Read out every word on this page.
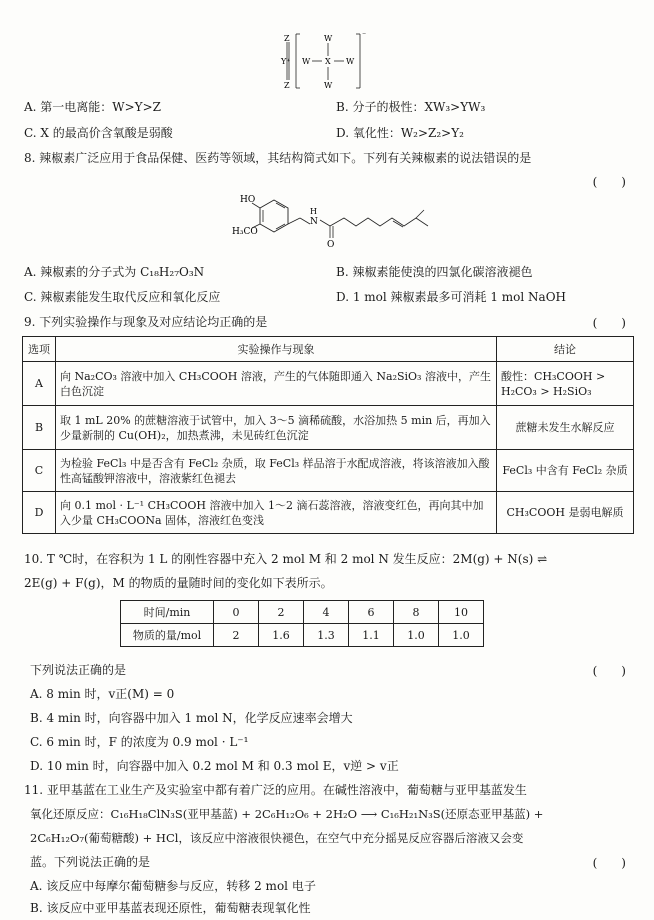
Z
Y⁺
Z
W
W X W
W
⁻
A. 第一电离能：W>Y>Z	B. 分子的极性：XW₃>YW₃
C. X 的最高价含氧酸是弱酸	D. 氧化性：W₂>Z₂>Y₂
8. 辣椒素广泛应用于食品保健、医药等领域，其结构简式如下。下列有关辣椒素的说法错误的是
(　　)
HO
H₃CO
N
H
O
A. 辣椒素的分子式为 C₁₈H₂₇O₃N	B. 辣椒素能使溴的四氯化碳溶液褪色
C. 辣椒素能发生取代反应和氧化反应	D. 1 mol 辣椒素最多可消耗 1 mol NaOH
9. 下列实验操作与现象及对应结论均正确的是	(　　)
选项	实验操作与现象	结论
A	向 Na₂CO₃ 溶液中加入 CH₃COOH 溶液，产生的气体随即通入 Na₂SiO₃ 溶液中，产生白色沉淀	酸性：CH₃COOH > H₂CO₃ > H₂SiO₃
B	取 1 mL 20% 的蔗糖溶液于试管中，加入 3～5 滴稀硫酸，水浴加热 5 min 后，再加入少量新制的 Cu(OH)₂，加热煮沸，未见砖红色沉淀	蔗糖未发生水解反应
C	为检验 FeCl₃ 中是否含有 FeCl₂ 杂质，取 FeCl₃ 样品溶于水配成溶液，将该溶液加入酸性高锰酸钾溶液中，溶液紫红色褪去	FeCl₃ 中含有 FeCl₂ 杂质
D	向 0.1 mol · L⁻¹ CH₃COOH 溶液中加入 1～2 滴石蕊溶液，溶液变红色，再向其中加入少量 CH₃COONa 固体，溶液红色变浅	CH₃COOH 是弱电解质
10. T ℃时，在容积为 1 L 的刚性容器中充入 2 mol M 和 2 mol N 发生反应：2M(g) + N(s) ⇌
2E(g) + F(g)，M 的物质的量随时间的变化如下表所示。
时间/min	0	2	4	6	8	10
物质的量/mol	2	1.6	1.3	1.1	1.0	1.0
下列说法正确的是	(　　)
A. 8 min 时，v正(M) = 0
B. 4 min 时，向容器中加入 1 mol N，化学反应速率会增大
C. 6 min 时，F 的浓度为 0.9 mol · L⁻¹
D. 10 min 时，向容器中加入 0.2 mol M 和 0.3 mol E，v逆 > v正
11. 亚甲基蓝在工业生产及实验室中都有着广泛的应用。在碱性溶液中，葡萄糖与亚甲基蓝发生
氧化还原反应：C₁₆H₁₈ClN₃S(亚甲基蓝) + 2C₆H₁₂O₆ + 2H₂O ⟶ C₁₆H₂₁N₃S(还原态亚甲基蓝) +
2C₆H₁₂O₇(葡萄糖酸) + HCl，该反应中溶液很快褪色，在空气中充分摇晃反应容器后溶液又会变
蓝。下列说法正确的是	(　　)
A. 该反应中每摩尔葡萄糖参与反应，转移 2 mol 电子
B. 该反应中亚甲基蓝表现还原性，葡萄糖表现氧化性
